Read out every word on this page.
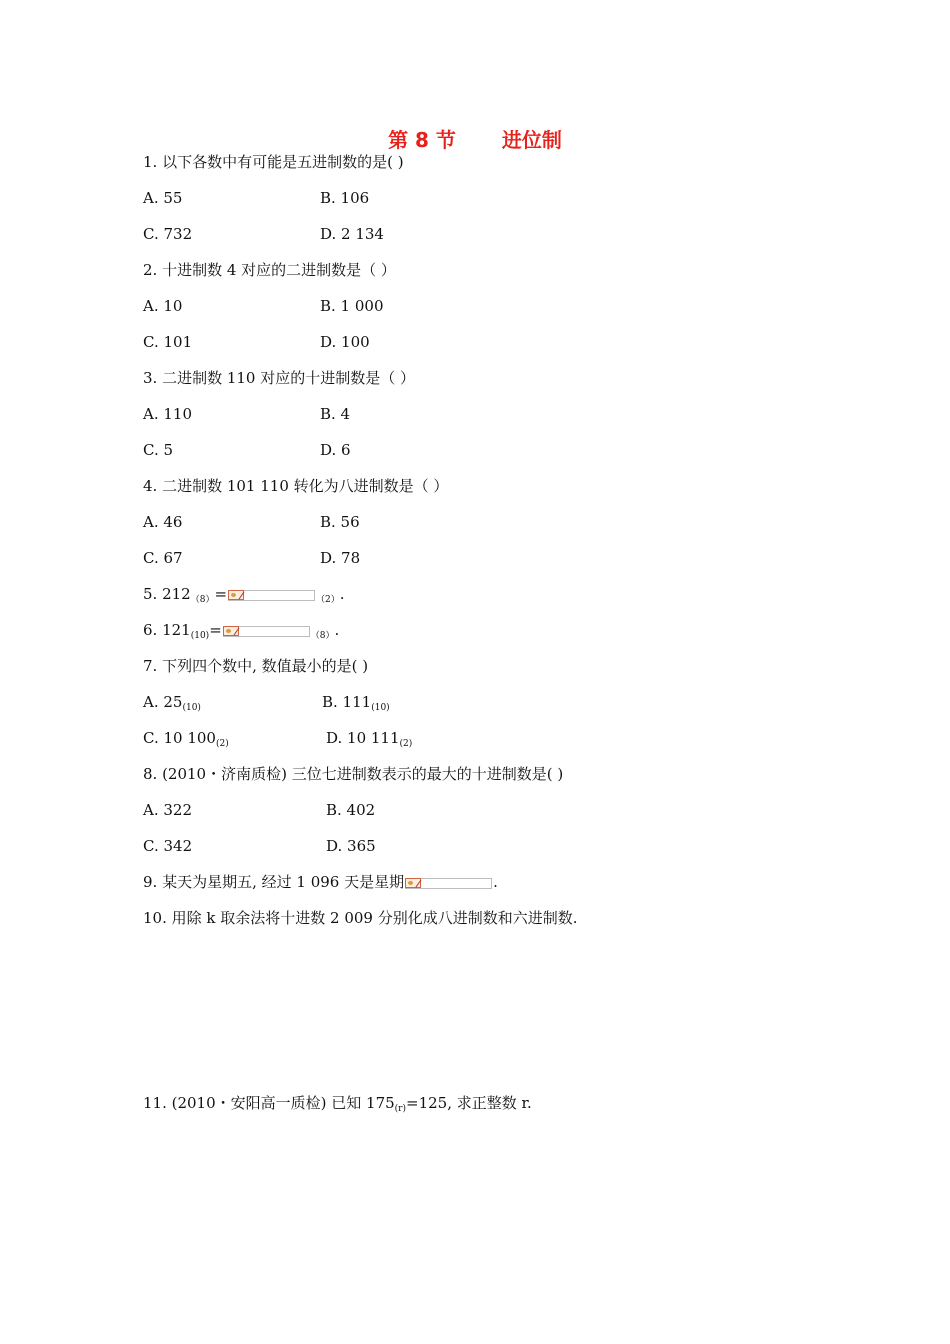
第 8 节 进位制
1. 以下各数中有可能是五进制数的是( )
A. 55	B. 106
C. 732	D. 2 134
2. 十进制数 4 对应的二进制数是（ ）
A. 10	B. 1 000
C. 101	D. 100
3. 二进制数 110 对应的十进制数是（ ）
A. 110	B. 4
C. 5	D. 6
4. 二进制数 101 110 转化为八进制数是（ ）
A. 46	B. 56
C. 67	D. 78
5. $212_{(8)}=$	$_{(2)}$.
6. $121_{(10)}=$	$_{(8)}$.
7. 下列四个数中, 数值最小的是( )
A. $25_{(10)}$	B. $111_{(10)}$
C. 10 $100_{(2)}$	D. 10 $111_{(2)}$
8. (2010・济南质检) 三位七进制数表示的最大的十进制数是( )
A. 322	B. 402
C. 342	D. 365
9. 某天为星期五, 经过 1 096 天是星期	.
10. 用除 k 取余法将十进数 2 009 分别化成八进制数和六进制数.
11. (2010・安阳高一质检) 已知 $175_{(r)}=125$, 求正整数 r.
